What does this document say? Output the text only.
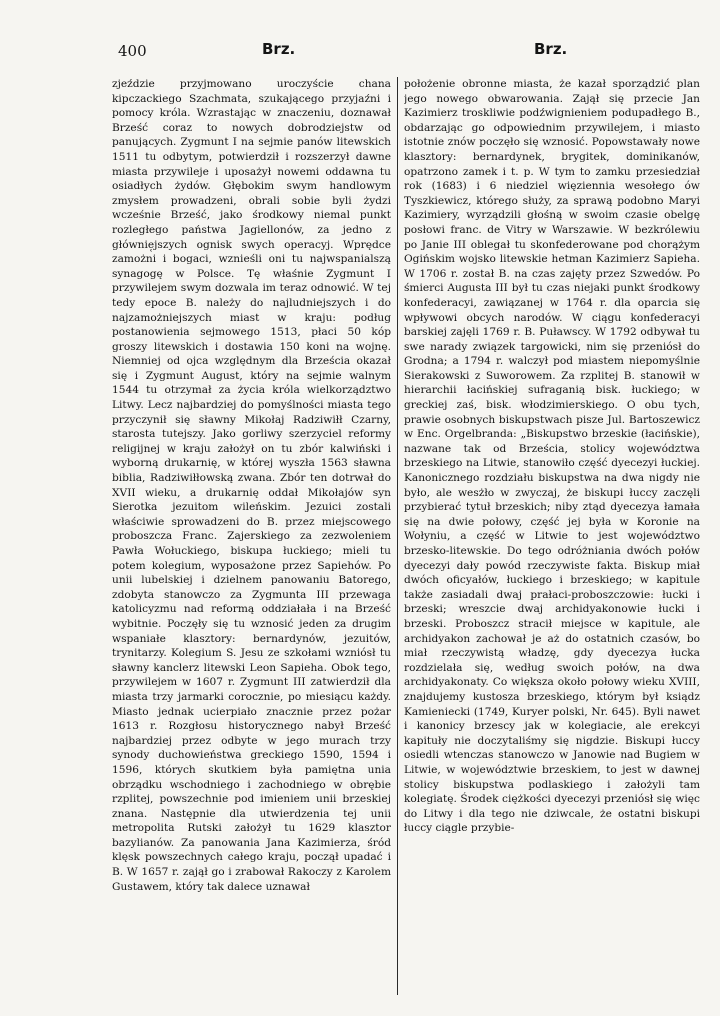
400	Brz.	Brz.

zjeździe przyjmowano uroczyście chana kipczackiego Szachmata, szukającego przyjaźni i pomocy króla. Wzrastając w znaczeniu, doznawał Brześć coraz to nowych dobrodziejstw od panujących. Zygmunt I na sejmie panów litewskich 1511 tu odbytym, potwierdził i rozszerzył dawne miasta przywileje i uposażył nowemi oddawna tu osiadłych żydów. Głębokim swym handlowym zmysłem prowadzeni, obrali sobie byli żydzi wcześnie Brześć, jako środkowy niemal punkt rozległego państwa Jagiellonów, za jedno z głównie̜jszych ognisk swych operacyj. Wprędce zamożni i bogaci, wznieśli oni tu najwspanialszą synagogę w Polsce. Tę właśnie Zygmunt I przywilejem swym dozwala im teraz odnowić. W tej tedy epoce B. należy do najludniejszych i do najzamożniejszych miast w kraju: podług postanowienia sejmowego 1513, płaci 50 kóp groszy litewskich i dostawia 150 koni na wojnę. Niemniej od ojca względnym dla Brześcia okazał się i Zygmunt August, który na sejmie walnym 1544 tu otrzymał za życia króla wielkorządztwo Litwy. Lecz najbardziej do pomyślności miasta tego przyczynił się sławny Mikołaj Radziwiłł Czarny, starosta tutejszy. Jako gorliwy szerzyciel reformy religijnej w kraju założył on tu zbór kalwiński i wyborną drukarnię, w której wyszła 1563 sławna biblia, Radziwiłłowską zwana. Zbór ten dotrwał do XVII wieku, a drukarnię oddał Mikołajów syn Sierotka jezuitom wileńskim. Jezuici zostali właściwie sprowadzeni do B. przez miejscowego proboszcza Franc. Zajerskiego za zezwoleniem Pawła Wołuckiego, biskupa łuckiego; mieli tu potem kolegium, wyposażone przez Sapiehów. Po unii lubelskiej i dzielnem panowaniu Batorego, zdobyta stanowczo za Zygmunta III przewaga katolicyzmu nad reformą oddziałała i na Brześć wybitnie. Poczęły się tu wznosić jeden za drugim wspaniałe klasztory: bernardynów, jezuitów, trynitarzy. Kolegium S. Jesu ze szkołami wzniósł tu sławny kanclerz litewski Leon Sapieha. Obok tego, przywilejem w 1607 r. Zygmunt III zatwierdził dla miasta trzy jarmarki corocznie, po miesiącu każdy. Miasto jednak ucierpiało znacznie przez pożar 1613 r. Rozgłosu historycznego nabył Brześć najbardziej przez odbyte w jego murach trzy synody duchowieństwa greckiego 1590, 1594 i 1596, których skutkiem była pamiętna unia obrządku wschodniego i zachodniego w obrębie rzplitej, powszechnie pod imieniem unii brzeskiej znana. Następnie dla utwierdzenia tej unii metropolita Rutski założył tu 1629 klasztor bazylianów. Za panowania Jana Kazimierza, śród klęsk powszechnych całego kraju, począł upadać i B. W 1657 r. zajął go i zrabował Rakoczy z Karolem Gustawem, który tak dalece uznawał

położenie obronne miasta, że kazał sporządzić plan jego nowego obwarowania. Zajął się przecie Jan Kazimierz troskliwie podźwignieniem podupadłego B., obdarzając go odpowiednim przywilejem, i miasto istotnie znów poczęło się wznosić. Popowstawały nowe klasztory: bernardynek, brygitek, dominikanów, opatrzono zamek i t. p. W tym to zamku przesiedział rok (1683) i 6 niedziel więziennia wesołego ów Tyszkiewicz, którego służy, za sprawą podobno Maryi Kazimiery, wyrządzili głośną w swoim czasie obelgę posłowi franc. de Vitry w Warszawie. W bezkrólewiu po Janie III oblegał tu skonfederowane pod chorążym Ogińskim wojsko litewskie hetman Kazimierz Sapieha. W 1706 r. został B. na czas zajęty przez Szwedów. Po śmierci Augusta III był tu czas niejaki punkt środkowy konfederacyi, zawiązanej w 1764 r. dla oparcia się wpływowi obcych narodów. W ciągu konfederacyi barskiej zajęli 1769 r. B. Puławscy. W 1792 odbywał tu swe narady związek targowicki, nim się przeniósł do Grodna; a 1794 r. walczył pod miastem niepomyślnie Sierakowski z Suworowem. Za rzplitej B. stanowił w hierarchii łacińskiej sufraganią bisk. łuckiego; w greckiej zaś, bisk. włodzimierskiego. O obu tych, prawie osobnych biskupstwach pisze Jul. Bartoszewicz w Enc. Orgelbranda: „Biskupstwo brzeskie (łacińskie), nazwane tak od Brześcia, stolicy województwa brzeskiego na Litwie, stanowiło część dyecezyi łuckiej. Kanonicznego rozdziału biskupstwa na dwa nigdy nie było, ale wesżło w zwyczaj, że biskupi łuccy zaczęli przybierać tytuł brzeskich; niby ztąd dyecezya łamała się na dwie połowy, część jej była w Koronie na Wołyniu, a część w Litwie to jest województwo brzesko-litewskie. Do tego odróżniania dwóch połów dyecezyi dały powód rzeczywiste fakta. Biskup miał dwóch oficyałów, łuckiego i brzeskiego; w kapitule także zasiadali dwaj prałaci-proboszczowie: łucki i brzeski; wreszcie dwaj archidyakonowie łucki i brzeski. Proboszcz stracił miejsce w kapitule, ale archidyakon zachował je aż do ostatnich czasów, bo miał rzeczywistą władzę, gdy dyecezya łucka rozdzielała się, według swoich połów, na dwa archidyakonaty. Co większa około połowy wieku XVIII, znajdujemy kustosza brzeskiego, którym był ksiądz Kamieniecki (1749, Kuryer polski, Nr. 645). Byli nawet i kanonicy brzescy jak w kolegiacie, ale erekcyi kapituły nie doczytaliśmy się nigdzie. Biskupi łuccy osiedli wtenczas stanowczo w Janowie nad Bugiem w Litwie, w województwie brzeskiem, to jest w dawnej stolicy biskupstwa podlaskiego i założyli tam kolegiatę. Środek ciężkości dyecezyi przeniósł się więc do Litwy i dla tego nie dziwcale, że ostatni biskupi łuccy ciągle przybie-
